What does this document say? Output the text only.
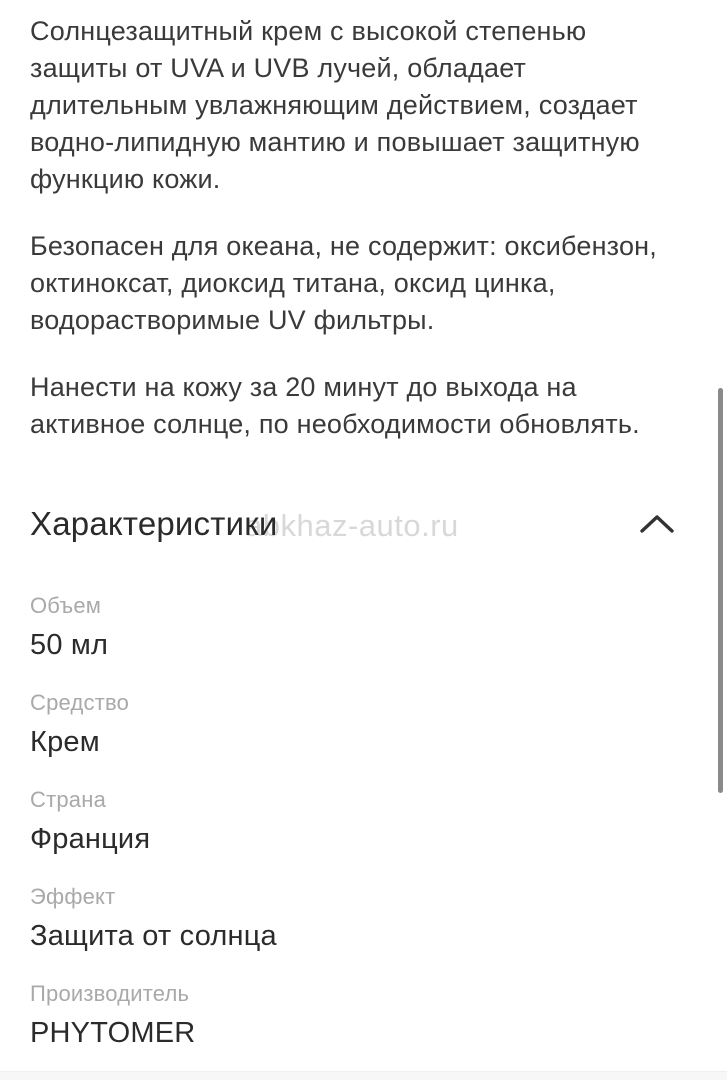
Солнцезащитный крем с высокой степенью защиты от UVA и UVB лучей, обладает длительным увлажняющим действием, создает водно-липидную мантию и повышает защитную функцию кожи.

Безопасен для океана, не содержит: оксибензон, октиноксат, диоксид титана, оксид цинка, водорастворимые UV фильтры.

Нанести на кожу за 20 минут до выхода на активное солнце, по необходимости обновлять.

abkhaz-auto.ru
Характеристики
Объем
50 мл
Средство
Крем
Страна
Франция
Эффект
Защита от солнца
Производитель
PHYTOMER
